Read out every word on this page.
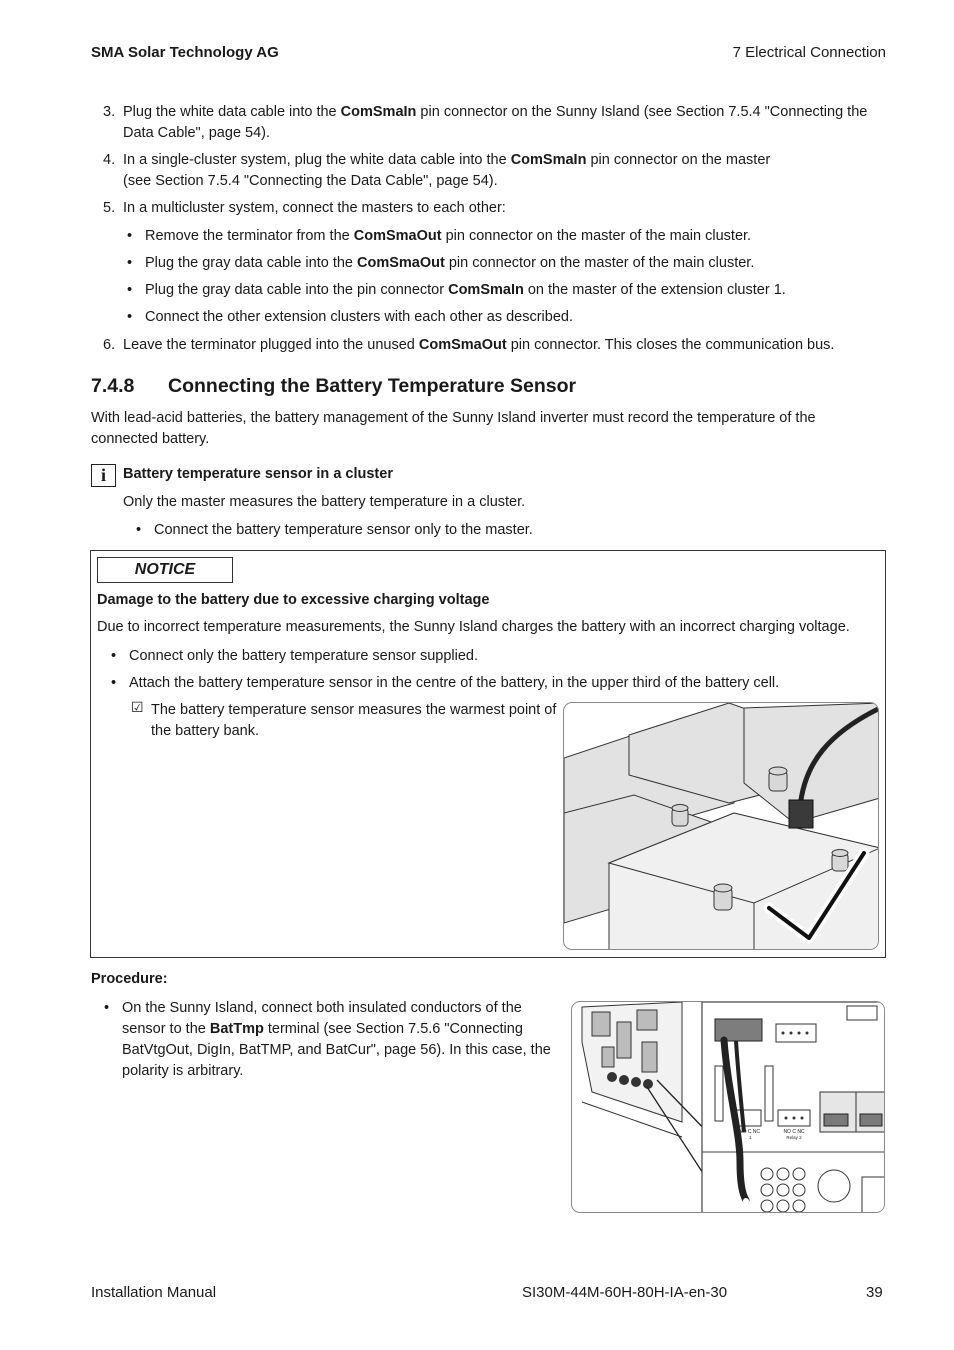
SMA Solar Technology AG	7 Electrical Connection
3. Plug the white data cable into the ComSmaIn pin connector on the Sunny Island (see Section 7.5.4 "Connecting the Data Cable", page 54).
4. In a single-cluster system, plug the white data cable into the ComSmaIn pin connector on the master
(see Section 7.5.4 "Connecting the Data Cable", page 54).
5. In a multicluster system, connect the masters to each other:
• Remove the terminator from the ComSmaOut pin connector on the master of the main cluster.
• Plug the gray data cable into the ComSmaOut pin connector on the master of the main cluster.
• Plug the gray data cable into the pin connector ComSmaIn on the master of the extension cluster 1.
• Connect the other extension clusters with each other as described.
6. Leave the terminator plugged into the unused ComSmaOut pin connector. This closes the communication bus.
7.4.8 Connecting the Battery Temperature Sensor
With lead-acid batteries, the battery management of the Sunny Island inverter must record the temperature of the connected battery.
i	Battery temperature sensor in a cluster
Only the master measures the battery temperature in a cluster.
• Connect the battery temperature sensor only to the master.
NOTICE
Damage to the battery due to excessive charging voltage
Due to incorrect temperature measurements, the Sunny Island charges the battery with an incorrect charging voltage.
• Connect only the battery temperature sensor supplied.
• Attach the battery temperature sensor in the centre of the battery, in the upper third of the battery cell.
☑ The battery temperature sensor measures the warmest point of the battery bank.
Procedure:
• On the Sunny Island, connect both insulated conductors of the sensor to the BatTmp terminal (see Section 7.5.6 "Connecting BatVtgOut, DigIn, BatTMP, and BatCur", page 56). In this case, the polarity is arbitrary.
NO C NC
Relay 2
NO C NC
1
Installation Manual	SI30M-44M-60H-80H-IA-en-30	39
